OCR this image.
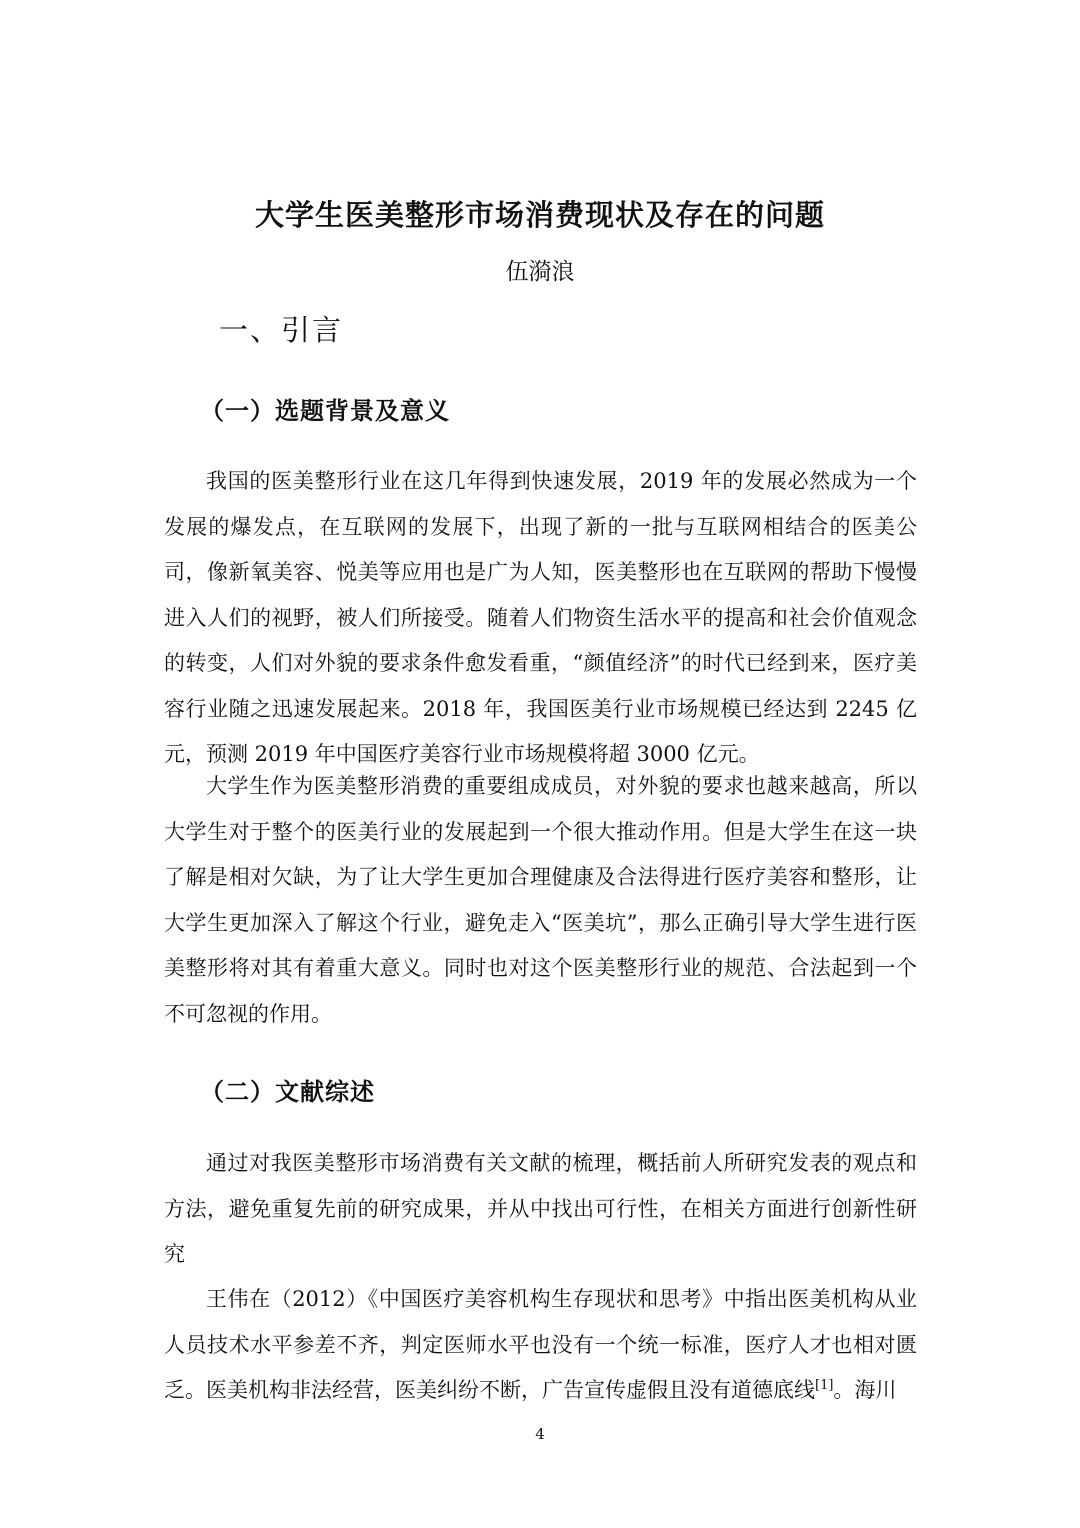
大学生医美整形市场消费现状及存在的问题

伍漪浪

一、引言
（一）选题背景及意义

我国的医美整形行业在这几年得到快速发展，2019 年的发展必然成为一个发展的爆发点，在互联网的发展下，出现了新的一批与互联网相结合的医美公司，像新氧美容、悦美等应用也是广为人知，医美整形也在互联网的帮助下慢慢进入人们的视野，被人们所接受。随着人们物资生活水平的提高和社会价值观念的转变，人们对外貌的要求条件愈发看重，“颜值经济”的时代已经到来，医疗美容行业随之迅速发展起来。2018 年，我国医美行业市场规模已经达到 2245 亿元，预测 2019 年中国医疗美容行业市场规模将超 3000 亿元。

大学生作为医美整形消费的重要组成成员，对外貌的要求也越来越高，所以大学生对于整个的医美行业的发展起到一个很大推动作用。但是大学生在这一块了解是相对欠缺，为了让大学生更加合理健康及合法得进行医疗美容和整形，让大学生更加深入了解这个行业，避免走入“医美坑”，那么正确引导大学生进行医美整形将对其有着重大意义。同时也对这个医美整形行业的规范、合法起到一个不可忽视的作用。

（二）文献综述

通过对我医美整形市场消费有关文献的梳理，概括前人所研究发表的观点和方法，避免重复先前的研究成果，并从中找出可行性，在相关方面进行创新性研究

王伟在（2012）《中国医疗美容机构生存现状和思考》中指出医美机构从业人员技术水平参差不齐，判定医师水平也没有一个统一标准，医疗人才也相对匮乏。医美机构非法经营，医美纠纷不断，广告宣传虚假且没有道德底线[1]。海川

4
